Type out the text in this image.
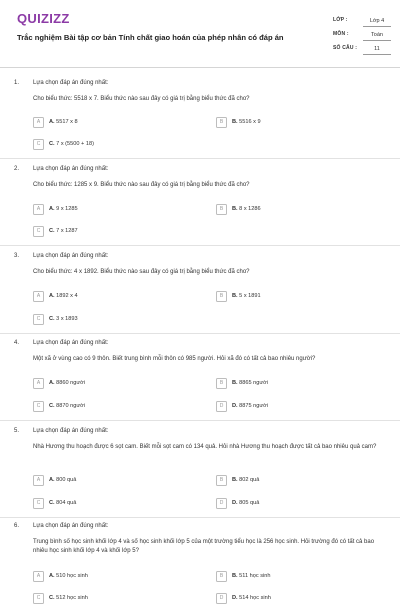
QUIZIZZ
Trắc nghiệm Bài tập cơ bản Tính chất giao hoán của phép nhân có đáp án
LỚP :	Lớp 4
MÔN :	Toán
SỐ CÂU :	11
1. Lựa chọn đáp án đúng nhất:
Cho biểu thức: 5518 x 7. Biểu thức nào sau đây có giá trị bằng biểu thức đã cho?
A	A. 5517 x 8	B	B. 5516 x 9
C	C. 7 x (5500 + 18)
2. Lựa chọn đáp án đúng nhất:
Cho biểu thức: 1285 x 9. Biểu thức nào sau đây có giá trị bằng biểu thức đã cho?
A	A. 9 x 1285	B	B. 8 x 1286
C	C. 7 x 1287
3. Lựa chọn đáp án đúng nhất:
Cho biểu thức: 4 x 1892. Biểu thức nào sau đây có giá trị bằng biểu thức đã cho?
A	A. 1892 x 4	B	B. 5 x 1891
C	C. 3 x 1893
4. Lựa chọn đáp án đúng nhất:
Một xã ở vùng cao có 9 thôn. Biết trung bình mỗi thôn có 985 người. Hỏi xã đó có tất cả bao nhiêu người?
A	A. 8860 người	B	B. 8865 người
C	C. 8870 người	D	D. 8875 người
5. Lựa chọn đáp án đúng nhất:
Nhà Hương thu hoạch được 6 sọt cam. Biết mỗi sọt cam có 134 quả. Hỏi nhà Hương thu hoạch được tất cả bao nhiêu quả cam?
A	A. 800 quả	B	B. 802 quả
C	C. 804 quả	D	D. 805 quả
6. Lựa chọn đáp án đúng nhất:
Trung bình số học sinh khối lớp 4 và số học sinh khối lớp 5 của một trường tiểu học là 256 học sinh. Hỏi trường đó có tất cả bao nhiêu học sinh khối lớp 4 và khối lớp 5?
A	A. 510 học sinh	B	B. 511 học sinh
C	C. 512 học sinh	D	D. 514 học sinh
